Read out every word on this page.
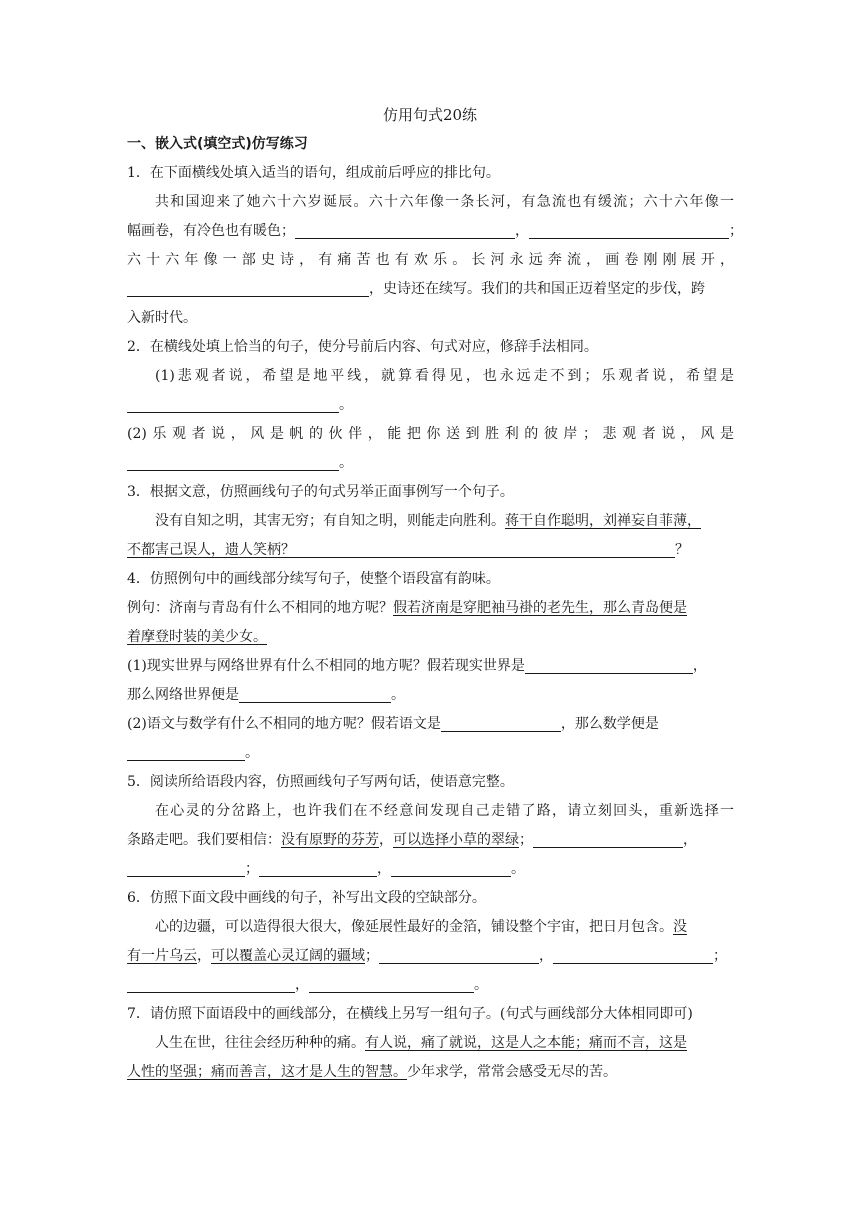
仿用句式20练
一、嵌入式(填空式)仿写练习
1．在下面横线处填入适当的语句，组成前后呼应的排比句。
共和国迎来了她六十六岁诞辰。六十六年像一条长河，有急流也有缓流；六十六年像一
幅画卷，有冷色也有暖色；	，	；
六十六年像一部史诗，有痛苦也有欢乐。长河永远奔流，画卷刚刚展开，
，史诗还在续写。我们的共和国正迈着坚定的步伐，跨
入新时代。
2．在横线处填上恰当的句子，使分号前后内容、句式对应，修辞手法相同。
(1)悲观者说，希望是地平线，就算看得见，也永远走不到；乐观者说，希望是
。
(2)乐观者说，风是帆的伙伴，能把你送到胜利的彼岸；悲观者说，风是
。
3．根据文意，仿照画线句子的句式另举正面事例写一个句子。
没有自知之明，其害无穷；有自知之明，则能走向胜利。蒋干自作聪明，刘禅妄自菲薄，
不都害己误人，遗人笑柄？	？
4．仿照例句中的画线部分续写句子，使整个语段富有韵味。
例句：济南与青岛有什么不相同的地方呢？假若济南是穿肥袖马褂的老先生，那么青岛便是
着摩登时装的美少女。
(1)现实世界与网络世界有什么不相同的地方呢？假若现实世界是	，
那么网络世界便是	。
(2)语文与数学有什么不相同的地方呢？假若语文是	，那么数学便是
。
5．阅读所给语段内容，仿照画线句子写两句话，使语意完整。
在心灵的分岔路上，也许我们在不经意间发现自己走错了路，请立刻回头，重新选择一
条路走吧。我们要相信：没有原野的芬芳，可以选择小草的翠绿；	，
；	，	。
6．仿照下面文段中画线的句子，补写出文段的空缺部分。
心的边疆，可以造得很大很大，像延展性最好的金箔，铺设整个宇宙，把日月包含。没
有一片乌云，可以覆盖心灵辽阔的疆域；	，	；
，	。
7．请仿照下面语段中的画线部分，在横线上另写一组句子。(句式与画线部分大体相同即可)
人生在世，往往会经历种种的痛。有人说，痛了就说，这是人之本能；痛而不言，这是
人性的坚强；痛而善言，这才是人生的智慧。少年求学，常常会感受无尽的苦。
